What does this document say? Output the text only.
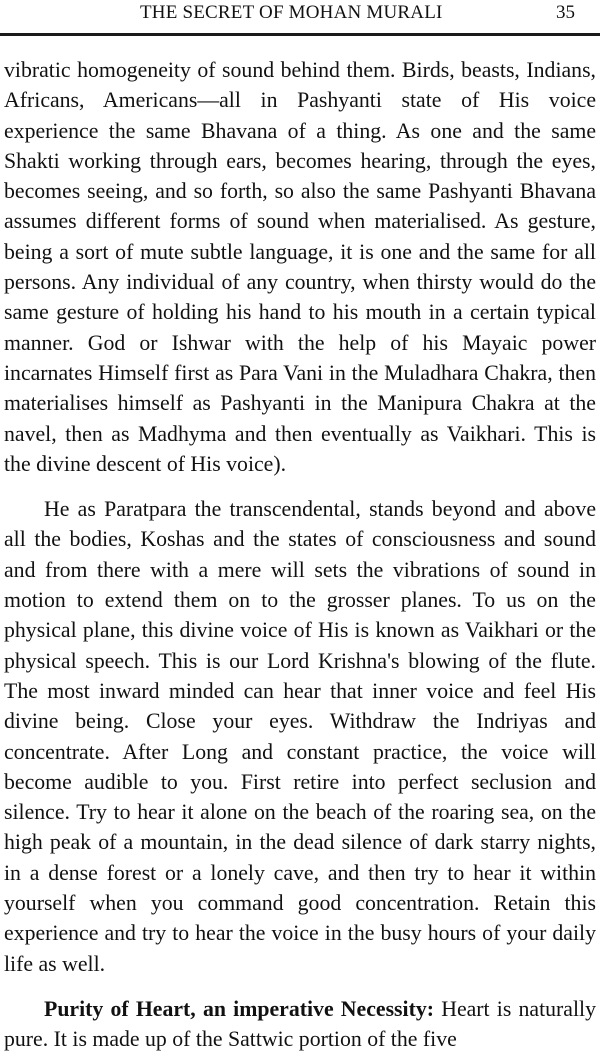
THE SECRET OF MOHAN MURALI	35

vibratic homogeneity of sound behind them. Birds, beasts, Indians, Africans, Americans—all in Pashyanti state of His voice experience the same Bhavana of a thing. As one and the same Shakti working through ears, becomes hearing, through the eyes, becomes seeing, and so forth, so also the same Pashyanti Bhavana assumes different forms of sound when materialised. As gesture, being a sort of mute subtle language, it is one and the same for all persons. Any individual of any country, when thirsty would do the same gesture of holding his hand to his mouth in a certain typical manner. God or Ishwar with the help of his Mayaic power incarnates Himself first as Para Vani in the Muladhara Chakra, then materialises himself as Pashyanti in the Manipura Chakra at the navel, then as Madhyma and then eventually as Vaikhari. This is the divine descent of His voice).

He as Paratpara the transcendental, stands beyond and above all the bodies, Koshas and the states of consciousness and sound and from there with a mere will sets the vibrations of sound in motion to extend them on to the grosser planes. To us on the physical plane, this divine voice of His is known as Vaikhari or the physical speech. This is our Lord Krishna's blowing of the flute. The most inward minded can hear that inner voice and feel His divine being. Close your eyes. Withdraw the Indriyas and concentrate. After Long and constant practice, the voice will become audible to you. First retire into perfect seclusion and silence. Try to hear it alone on the beach of the roaring sea, on the high peak of a mountain, in the dead silence of dark starry nights, in a dense forest or a lonely cave, and then try to hear it within yourself when you command good concentration. Retain this experience and try to hear the voice in the busy hours of your daily life as well.

Purity of Heart, an imperative Necessity: Heart is naturally pure. It is made up of the Sattwic portion of the five
